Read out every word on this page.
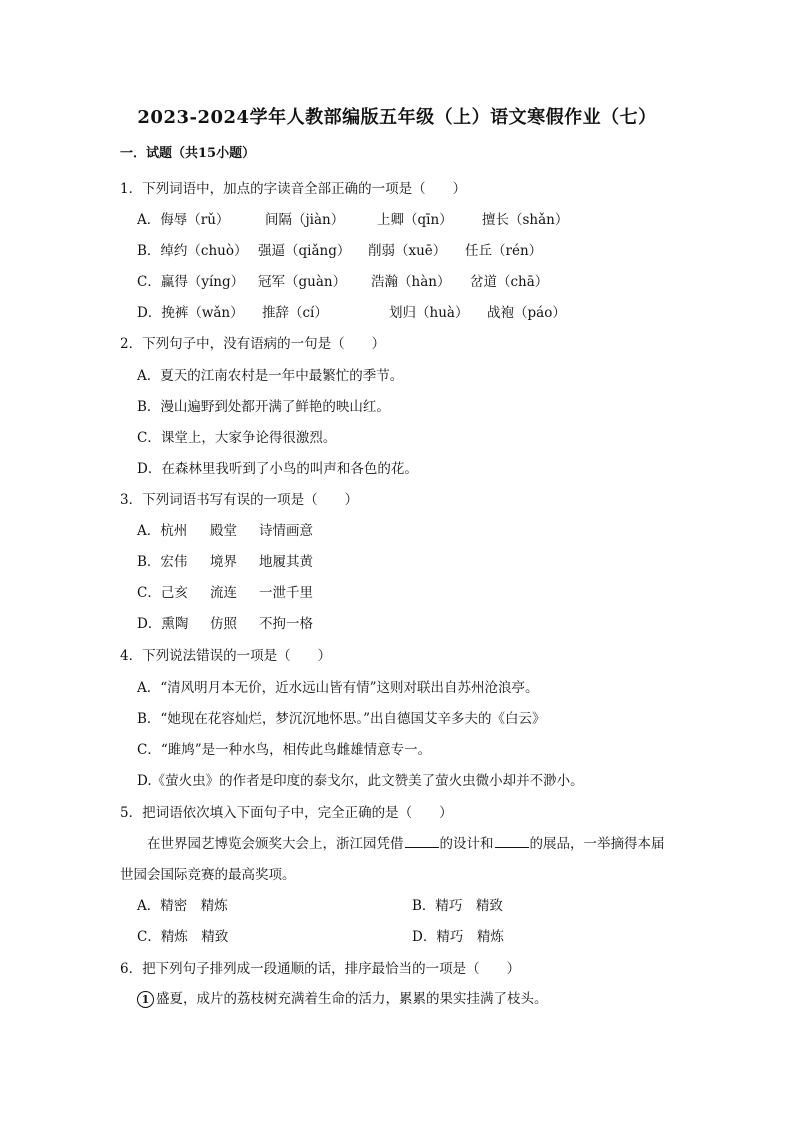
2023-2024学年人教部编版五年级（上）语文寒假作业（七）
一．试题（共15小题）
1．下列词语中，加点的字读音全部正确的一项是（　　）
A．侮辱（rǔ）	间隔（jiàn） 上卿（qīn） 擅长（shǎn）
B．绰约（chuò） 强逼（qiǎng） 削弱（xuē） 任丘（rén）
C．赢得（yíng） 冠军（guàn） 浩瀚（hàn） 岔道（chā）
D．挽裤（wǎn） 推辞（cí）	划归（huà） 战袍（páo）
2．下列句子中，没有语病的一句是（　　）
A．夏天的江南农村是一年中最繁忙的季节。
B．漫山遍野到处都开满了鲜艳的映山红。
C．课堂上，大家争论得很激烈。
D．在森林里我听到了小鸟的叫声和各色的花。
3．下列词语书写有误的一项是（　　）
A．杭州 殿堂 诗情画意
B．宏伟 境界 地履其黄
C．己亥 流连 一泄千里
D．熏陶 仿照 不拘一格
4．下列说法错误的一项是（　　）
A．“清风明月本无价，近水远山皆有情”这则对联出自苏州沧浪亭。
B．“她现在花容灿烂，梦沉沉地怀思。”出自德国艾辛多夫的《白云》
C．“雎鸠”是一种水鸟，相传此鸟雌雄情意专一。
D.《萤火虫》的作者是印度的泰戈尔，此文赞美了萤火虫微小却并不渺小。
5．把词语依次填入下面句子中，完全正确的是（　　）
在世界园艺博览会颁奖大会上，浙江园凭借	的设计和	的展品，一举摘得本届
世园会国际竞赛的最高奖项。
A．精密　精炼	B．精巧　精致
C．精炼　精致	D．精巧　精炼
6．把下列句子排列成一段通顺的话，排序最恰当的一项是（　　）
1 盛夏，成片的荔枝树充满着生命的活力，累累的果实挂满了枝头。
